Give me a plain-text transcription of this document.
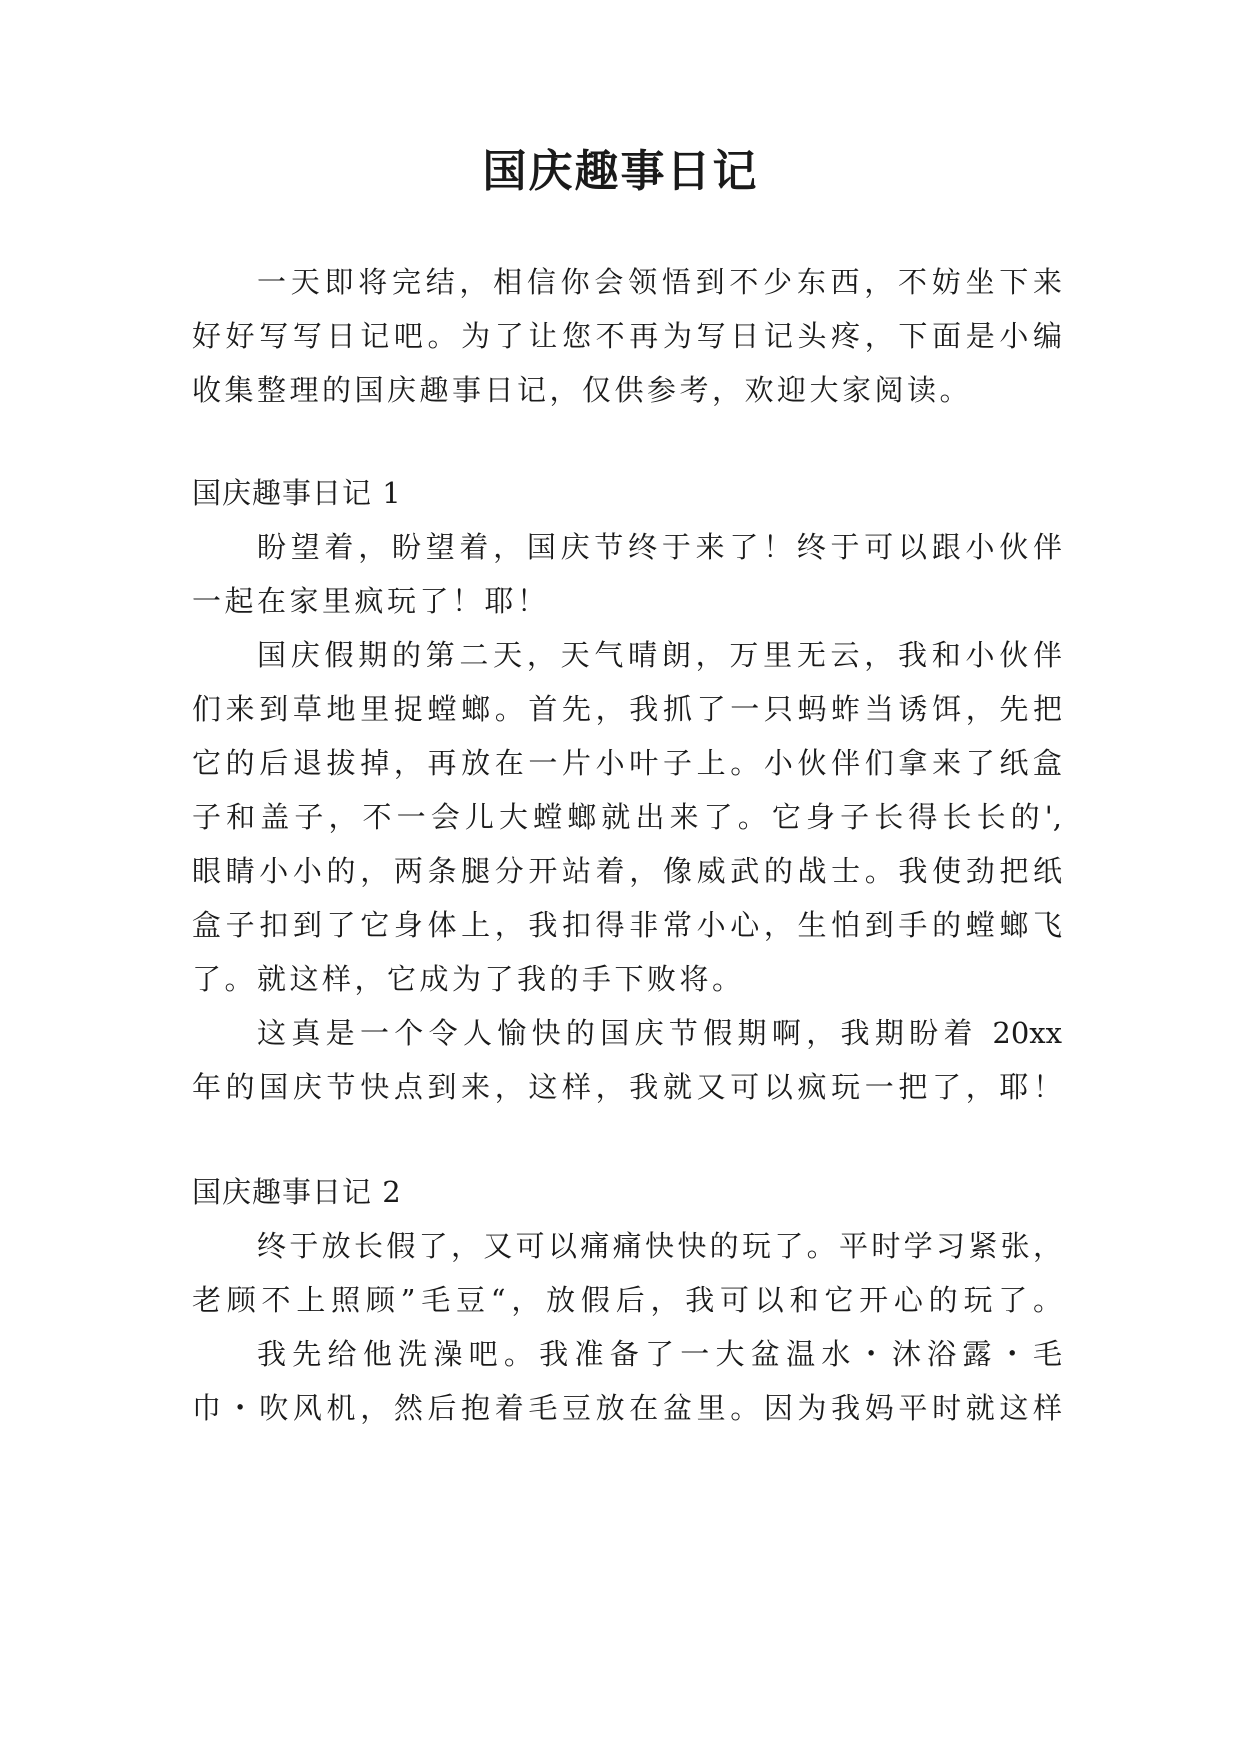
国庆趣事日记
一天即将完结，相信你会领悟到不少东西，不妨坐下来
好好写写日记吧。为了让您不再为写日记头疼，下面是小编
收集整理的国庆趣事日记，仅供参考，欢迎大家阅读。
国庆趣事日记 1
盼望着，盼望着，国庆节终于来了！终于可以跟小伙伴
一起在家里疯玩了！耶！
国庆假期的第二天，天气晴朗，万里无云，我和小伙伴
们来到草地里捉螳螂。首先，我抓了一只蚂蚱当诱饵，先把
它的后退拔掉，再放在一片小叶子上。小伙伴们拿来了纸盒
子和盖子，不一会儿大螳螂就出来了。它身子长得长长的',
眼睛小小的，两条腿分开站着，像威武的战士。我使劲把纸
盒子扣到了它身体上，我扣得非常小心，生怕到手的螳螂飞
了。就这样，它成为了我的手下败将。
这真是一个令人愉快的国庆节假期啊，我期盼着 20xx
年的国庆节快点到来，这样，我就又可以疯玩一把了，耶！
国庆趣事日记 2
终于放长假了，又可以痛痛快快的玩了。平时学习紧张，
老顾不上照顾”毛豆“，放假后，我可以和它开心的玩了。
我先给他洗澡吧。我准备了一大盆温水・沐浴露・毛
巾・吹风机，然后抱着毛豆放在盆里。因为我妈平时就这样
